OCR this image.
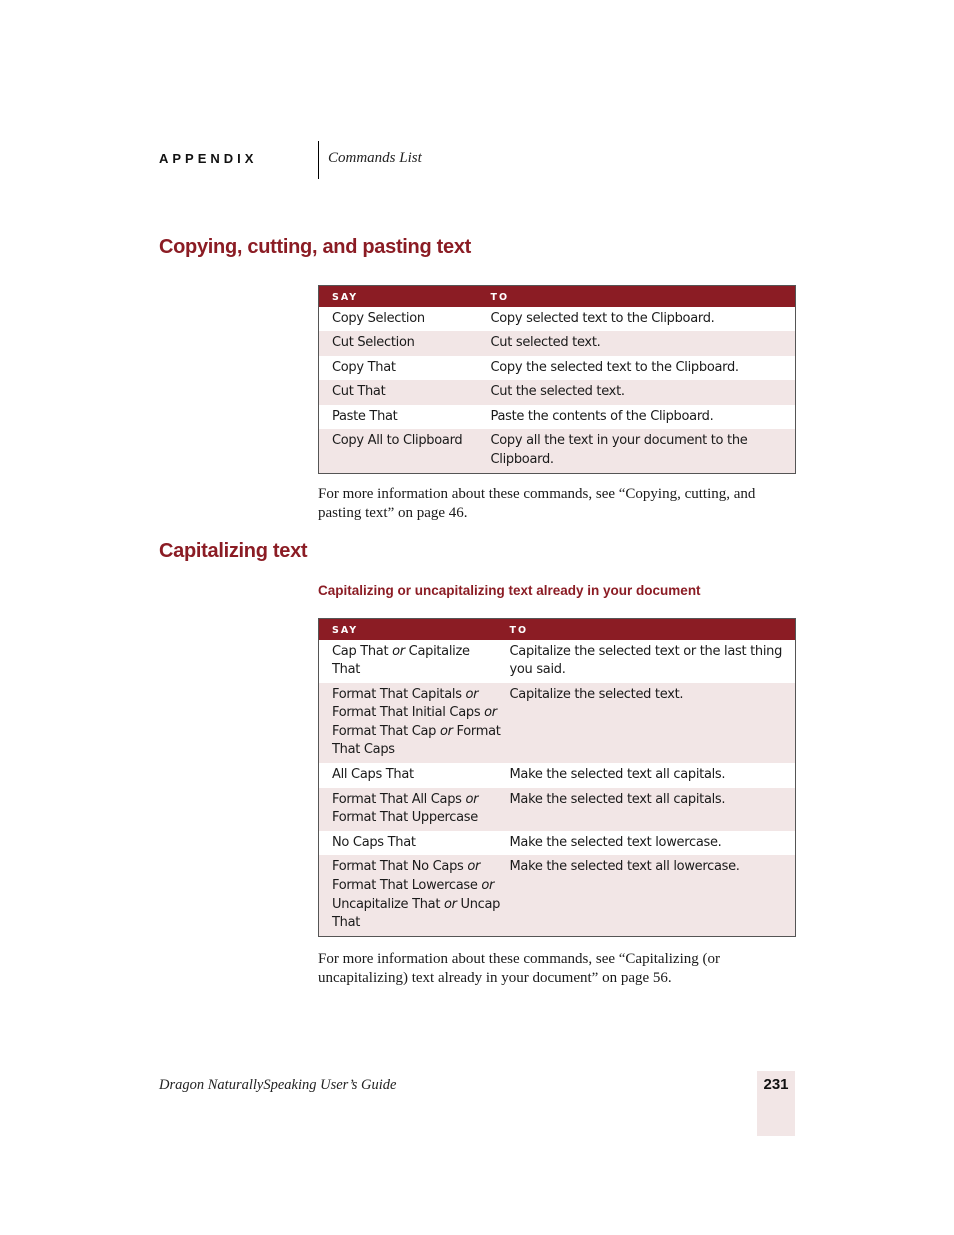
APPENDIX	Commands List
Copying, cutting, and pasting text
SAY	TO
Copy Selection	Copy selected text to the Clipboard.
Cut Selection	Cut selected text.
Copy That	Copy the selected text to the Clipboard.
Cut That	Cut the selected text.
Paste That	Paste the contents of the Clipboard.
Copy All to Clipboard	Copy all the text in your document to the Clipboard.
For more information about these commands, see “Copying, cutting, and pasting text” on page 46.
Capitalizing text
Capitalizing or uncapitalizing text already in your document
SAY	TO
Cap That or Capitalize That	Capitalize the selected text or the last thing you said.
Format That Capitals or Format That Initial Caps or Format That Cap or Format That Caps	Capitalize the selected text.
All Caps That	Make the selected text all capitals.
Format That All Caps or Format That Uppercase	Make the selected text all capitals.
No Caps That	Make the selected text lowercase.
Format That No Caps or Format That Lowercase or Uncapitalize That or Uncap That	Make the selected text all lowercase.
For more information about these commands, see “Capitalizing (or uncapitalizing) text already in your document” on page 56.
Dragon NaturallySpeaking User’s Guide	231
